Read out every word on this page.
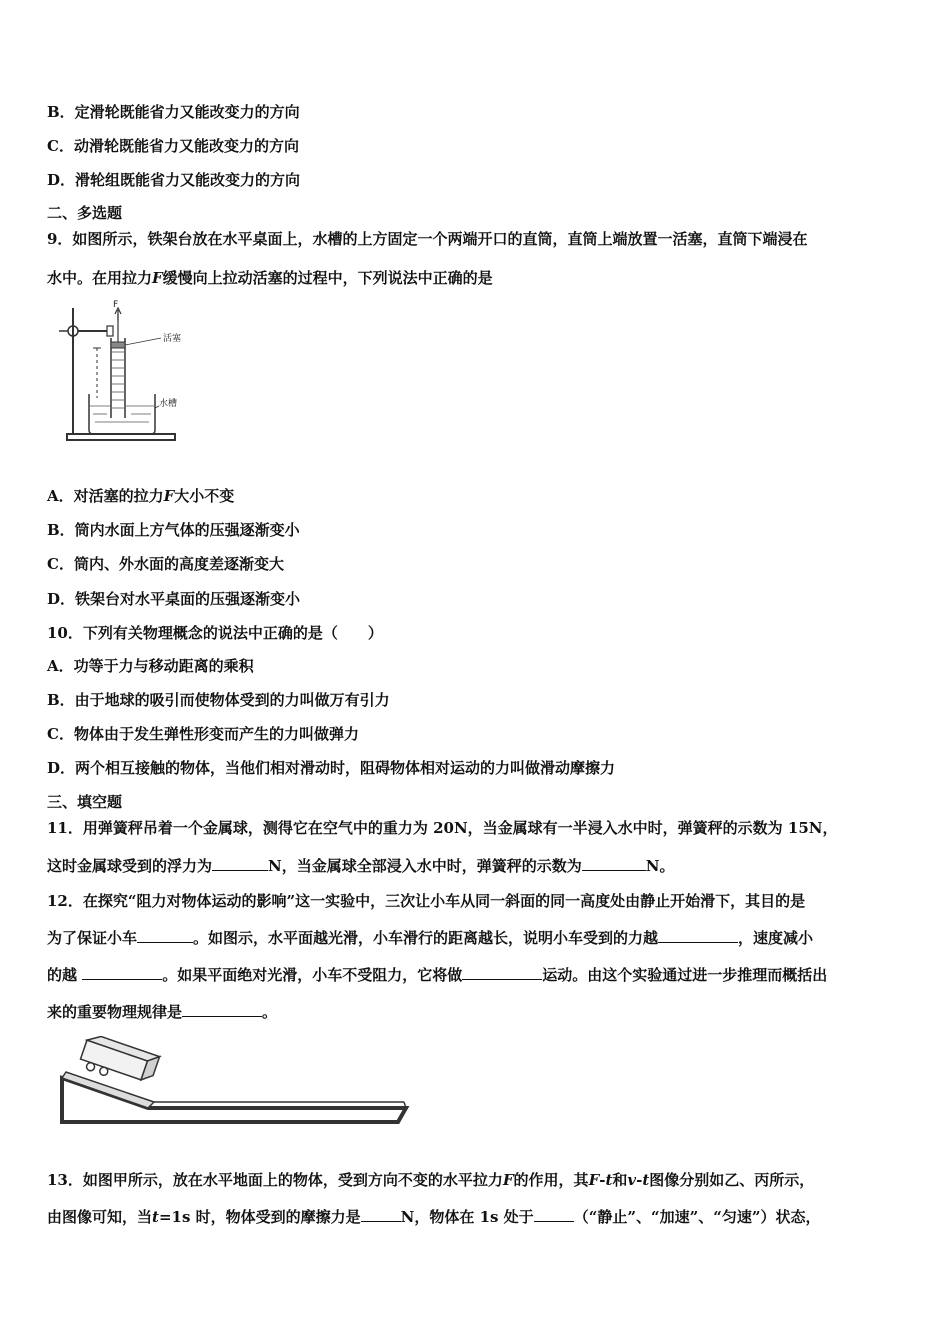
B．定滑轮既能省力又能改变力的方向
C．动滑轮既能省力又能改变力的方向
D．滑轮组既能省力又能改变力的方向
二、多选题
9．如图所示，铁架台放在水平桌面上，水槽的上方固定一个两端开口的直筒，直筒上端放置一活塞，直筒下端浸在
水中。在用拉力F缓慢向上拉动活塞的过程中，下列说法中正确的是
F
活塞
水槽
A．对活塞的拉力F大小不变
B．筒内水面上方气体的压强逐渐变小
C．筒内、外水面的高度差逐渐变大
D．铁架台对水平桌面的压强逐渐变小
10．下列有关物理概念的说法中正确的是（　　）
A．功等于力与移动距离的乘积
B．由于地球的吸引而使物体受到的力叫做万有引力
C．物体由于发生弹性形变而产生的力叫做弹力
D．两个相互接触的物体，当他们相对滑动时，阻碍物体相对运动的力叫做滑动摩擦力
三、填空题
11．用弹簧秤吊着一个金属球，测得它在空气中的重力为 20N，当金属球有一半浸入水中时，弹簧秤的示数为 15N，
这时金属球受到的浮力为	N，当金属球全部浸入水中时，弹簧秤的示数为	N。
12．在探究“阻力对物体运动的影响”这一实验中，三次让小车从同一斜面的同一高度处由静止开始滑下，其目的是
为了保证小车	。如图示，水平面越光滑，小车滑行的距离越长，说明小车受到的力越	，速度减小
的越	。如果平面绝对光滑，小车不受阻力，它将做	运动。由这个实验通过进一步推理而概括出
来的重要物理规律是	。
13．如图甲所示，放在水平地面上的物体，受到方向不变的水平拉力F的作用，其F-t和v-t图像分别如乙、丙所示，
由图像可知，当t=1s 时，物体受到的摩擦力是	N，物体在 1s 处于	（“静止”、“加速”、“匀速”）状态，
